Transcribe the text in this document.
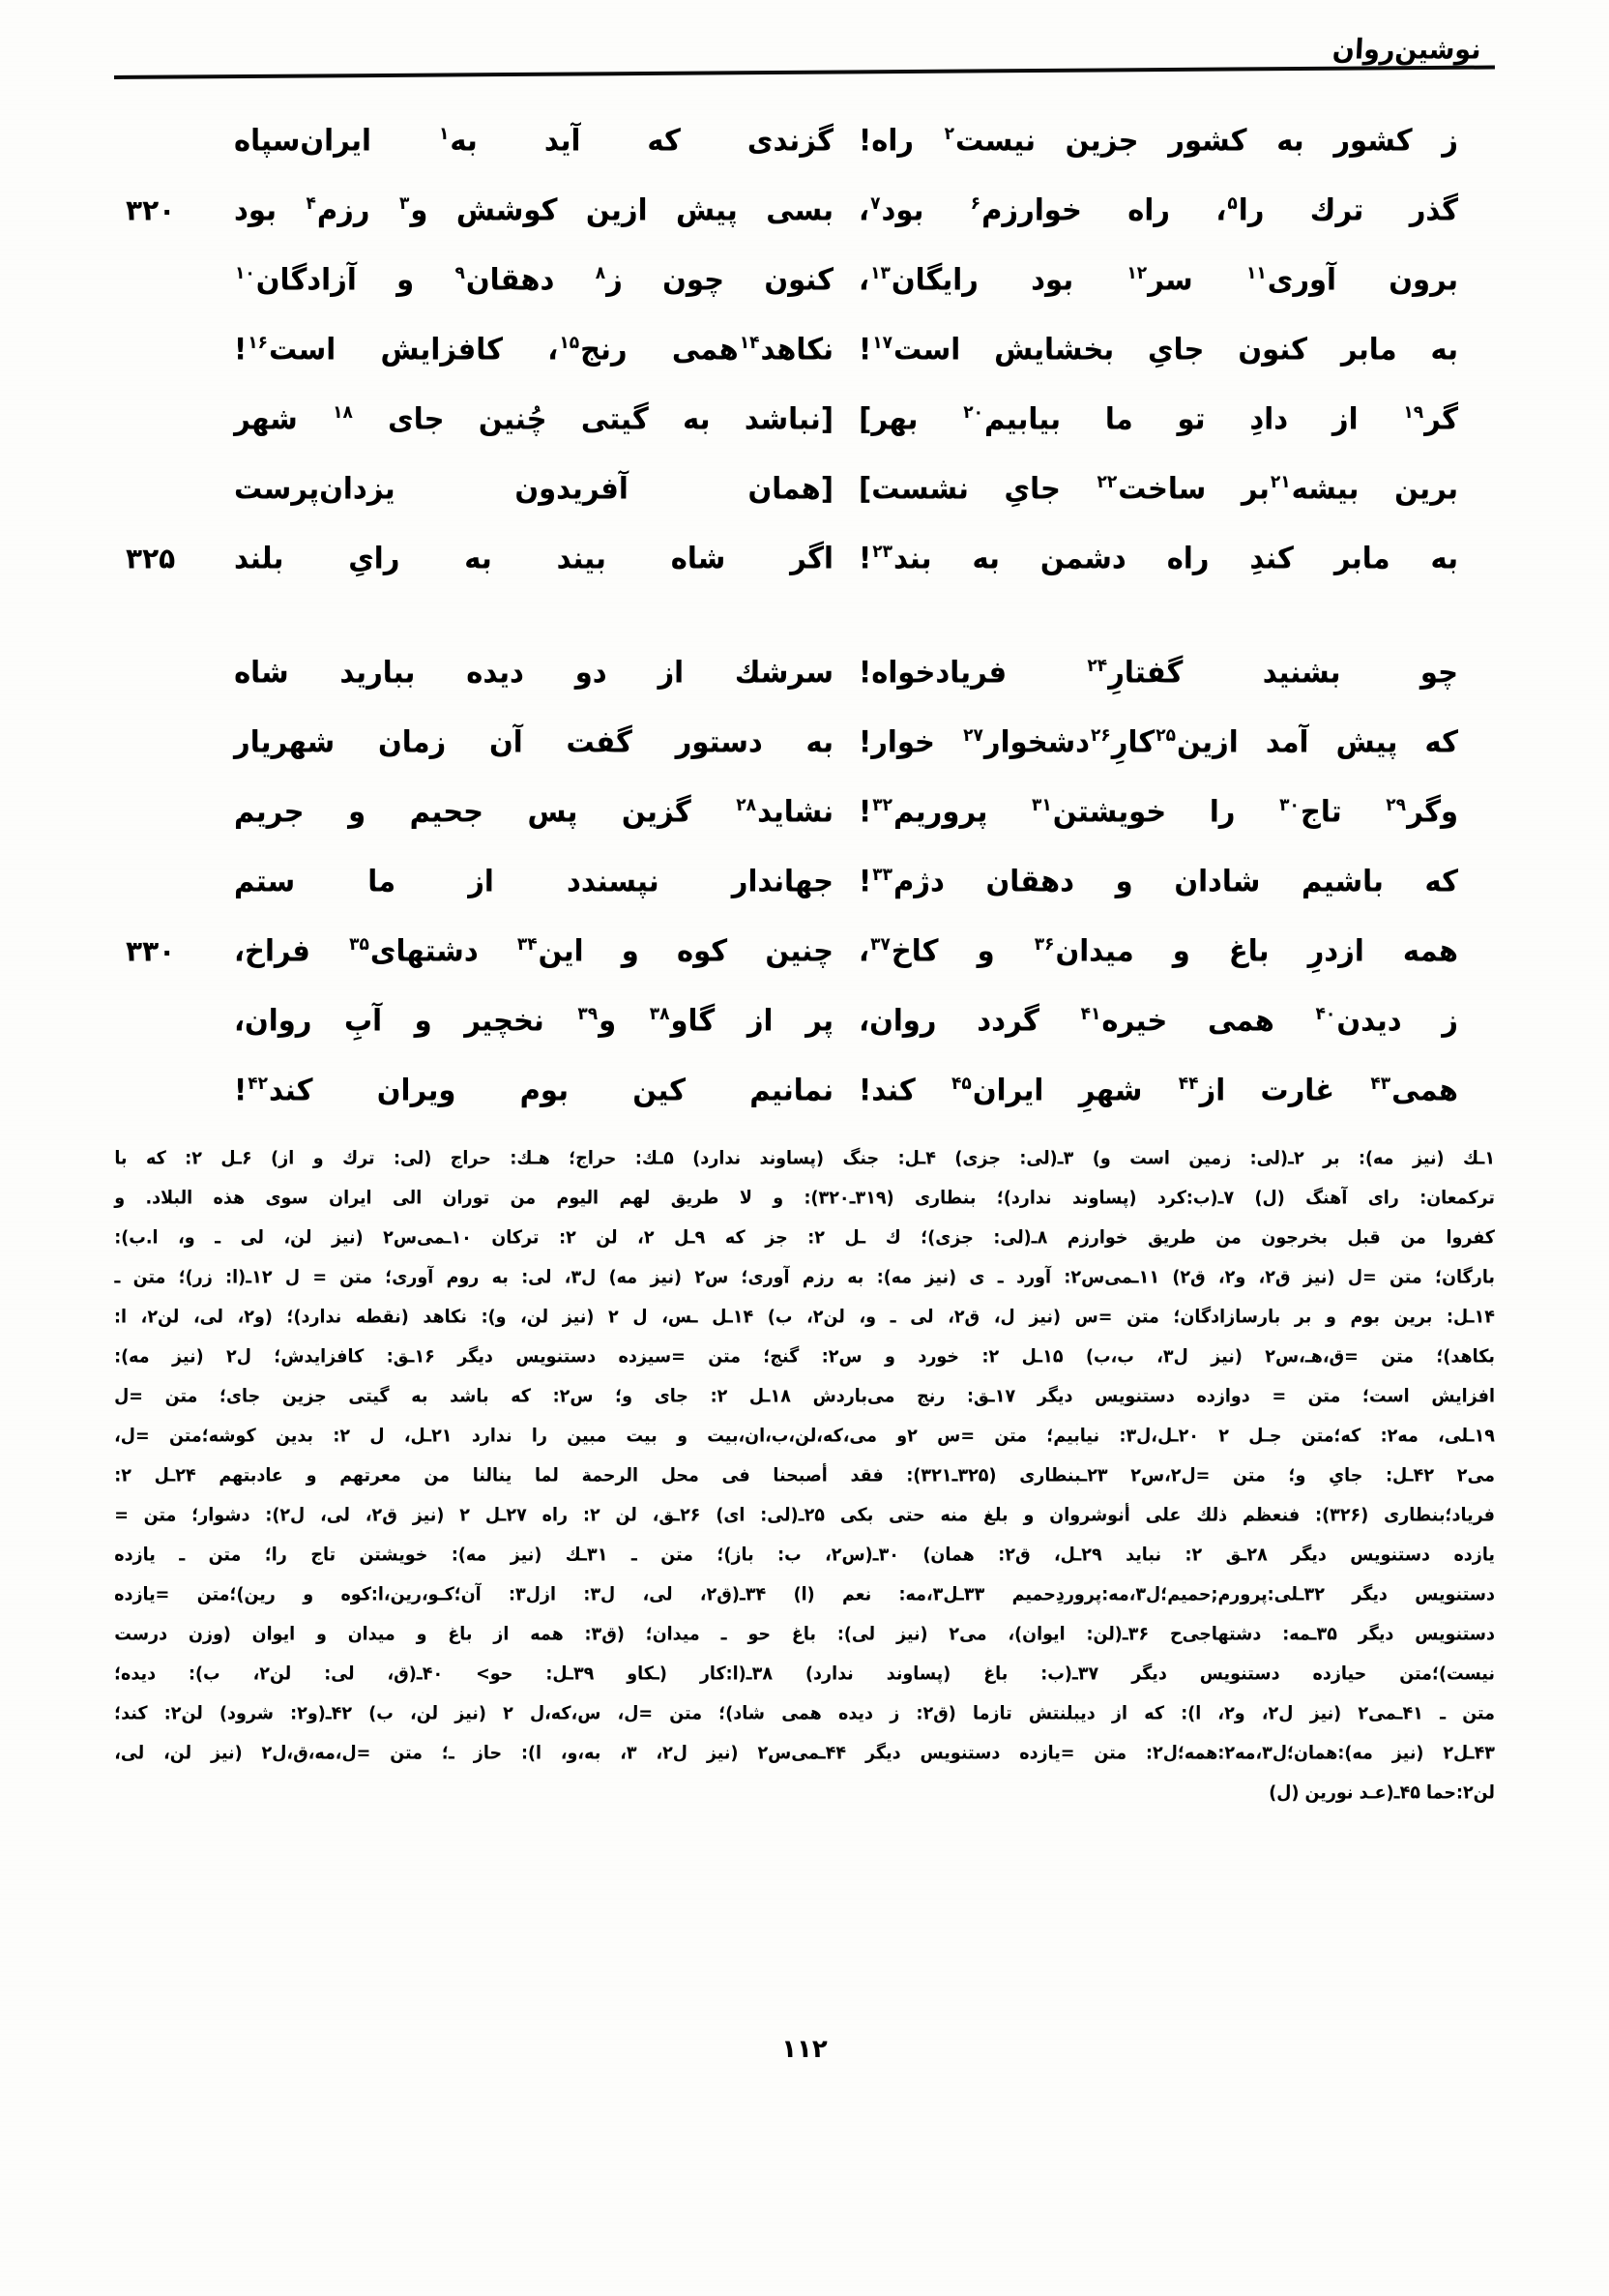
نوشين‌روان
ز
كشور
به
كشور
جزين
نيست$^٢$
راه!
گزندى
كه
آيد
به$^١$
ايران‌سپاه
گذر
ترك
را$^۵$،
راه
خوارزم$^۶$
بود$^٧$،
بسى
پيش
ازين
كوشش
و$^٣$
رزم$^۴$
بود
۳۲۰
برون
آورى$^{١١}$
سر$^{١٢}$
بود
رايگان$^{١٣}$،
كنون
چون
ز$^٨$
دهقان$^٩$
و
آزادگان$^{١٠}$
به
مابر
كنون
جاىِ
بخشايش
است$^{١٧}$!
نكاهد$^{١۴}$همى
رنج$^{١۵}$،
كافزايش
است$^{١۶}$!
گر$^{١٩}$
از
دادِ
تو
ما
بيابيم$^{٢٠}$
بهر]
[نباشد
به
گيتى
چُنين
جاى
$^{١٨}$
شهر
برين
بيشه$^{٢١}$بر
ساخت$^{٢٢}$
جاىِ
نشست]
[همان
آفريدون
يزدان‌پرست
به
مابر
كندِ
راه
دشمن
به
بند$^{٢٣}$!
اگر
شاه
بيند
به
راىِ
بلند
۳۲۵
چو
بشنيد
گفتارِ$^{٢۴}$
فريادخواه!
سرشك
از
دو
ديده
بباريد
شاه
كه
پيش
آمد
ازين$^{٢۵}$كارِ$^{٢۶}$دشخوار$^{٢٧}$
خوار!
به
دستور
گفت
آن
زمان
شهريار
وگر$^{٢٩}$
تاج$^{٣٠}$
را
خويشتن$^{٣١}$
پروريم$^{٣٢}$!
نشايد$^{٢٨}$
گزين
پس
جحيم
و
جريم
كه
باشيم
شادان
و
دهقان
دژم$^{٣٣}$!
جهاندار
نپسندد
از
ما
ستم
همه
ازدرِ
باغ
و
ميدان$^{٣۶}$
و
كاخ$^{٣٧}$،
چنين
كوه
و
اين$^{٣۴}$
دشتهاى$^{٣۵}$
فراخ،
۳۳۰
ز
ديدن$^{۴٠}$
همى
خيره$^{۴١}$
گردد
روان،
پر
از
گاو$^{٣٨}$
و$^{٣٩}$
نخچير
و
آبِ
روان،
همى$^{۴٣}$
غارت
از$^{۴۴}$
شهرِ
ايران$^{۴۵}$
كند!
نمانيم
كين
بوم
ويران
كند$^{۴٢}$!
١ـك
(نيز
مه):
بر
٢ـ(لى:
زمين
است
و)
٣ـ(لى:
جزى)
۴ـل:
جنگ
(پساوند
ندارد)
۵ـك:
حراج؛
هـك:
حراج
(لى:
ترك
و
از)
۶ـل
٢:
كه
با
تركمعان:
راى
آهنگ
(ل)
٧ـ(ب:كرد
(پساوند
ندارد)؛
بنطارى
(٣١٩ـ٣٢٠):
و
لا
طريق
لهم
اليوم
من
توران
الى
ايران
سوى
هذه
البلاد.
و
كفروا
من
قبل
بخرجون
من
طريق
خوارزم
٨ـ(لى:
جزى)؛
ك
ـل
٢:
جز
كه
٩ـل
٢،
لن
٢:
تركان
١٠ـمى‌س٢
(نيز
لن،
لى
ـ
و،
ا.ب):
بارگان؛
متن
=ل
(نيز
ق٢،
و٢،
ق٢)
١١ـمى‌س٢:
آورد
ـ
ى
(نيز
مه):
به
رزم
آورى؛
س٢
(نيز
مه)
ل٣،
لى:
به
روم
آورى؛
متن
=
ل
١٢ـ(ا:
زر)؛
متن
ـ
١۴ـل:
برين
بوم
و
بر
بارسازادگان؛
متن
=س
(نيز
ل،
ق٢،
لى
ـ
و،
لن٢،
ب)
١۴ـل
ـس،
ل
٢
(نيز
لن،
و):
نكاهد
(نقطه
ندارد)؛
(و٢،
لى،
لن٢،
ا:
بكاهد)؛
متن
=ق،هـ،س٢
(نيز
ل٣،
ب،ب)
١۵ـل
٢:
خورد
و
س٢:
گنج؛
متن
=سيزده
دستنويس
ديگر
١۶ـق:
كافزايدش؛
ل٢
(نيز
مه):
افزايش
است؛
متن
=
دوازده
دستنويس
ديگر
١٧ـق:
رنج
مى‌باردش
١٨ـل
٢:
جاى
و؛
س٢:
كه
باشد
به
گيتى
جزين
جاى؛
متن
=ل
١٩ـلى،
مه٢:
كه؛متن
جـل
٢
٢٠ـل،ل٣:
نيابيم؛
متن
=س
٢و
مى،كه،لن،ب،ان،بيت
و
بيت
مبين
را
ندارد
٢١ـل،
ل
٢:
بدين
كوشه؛متن
=ل،
مى٢
۴٢ـل:
جاىِ
و؛
متن
=ل٢،س٢
٢٣ـبنطارى
(٣٢۵ـ٣٢١):
فقد
أصبحنا
فى
محل
الرحمة
لما
ينالنا
من
معرتهم
و
عادبتهم
٢۴ـل
٢:
فرياد؛بنطارى
(٣٢۶):
فنعظم
ذلك
على
أنوشروان
و
بلغ
منه
حتى
بكى
٢۵ـ(لى:
اى)
٢۶ـق،
لن
٢:
راه
٢٧ـل
٢
(نيز
ق٢،
لى،
ل٢):
دشوار؛
متن
=
يازده
دستنويس
ديگر
٢٨ـق
٢:
نبايد
٢٩ـل،
ق٢:
همان)
٣٠ـ(س٢،
ب:
باز)؛
متن
ـ
٣١ـك
(نيز
مه):
خويشتن
تاج
را؛
متن
ـ
يازده
دستنويس
ديگر
٣٢ـلى:پرورم;حميم؛ل٣،مه:پروردِحميم
٣٣ـل٣،مه:
نعم
(ا)
٣۴ـ(ق٢،
لى،
ل٣:
ازل٣:
آن؛كـو،رين،ا:كوه
و
رين)؛متن
=يازده
دستنويس
ديگر
٣۵ـمه:
دشتهاجى‌ح
٣۶ـ(لن:
ايوان)،
مى٢
(نيز
لى):
باغ
حو
ـ
ميدان؛
(ق٣:
همه
از
باغ
و
ميدان
و
ايوان
(وزن
درست
نيست)؛متن
حيازده
دستنويس
ديگر
٣٧ـ(ب:
باغ
(پساوند
ندارد)
٣٨ـ(ا:كار
(ـكاو
٣٩ـل:
حو>
۴٠ـ(ق،
لى:
لن٢،
ب):
ديده؛
متن
ـ
۴١ـمى٢
(نيز
ل٢،
و٢،
ا):
كه
از
ديبلنتش
تازما
(ق٢:
ز
ديده
همى
شاد)؛
متن
=ل،
س،كه،ل
٢
(نيز
لن،
ب)
۴٢ـ(و٢:
شرود)
لن٢:
كند؛
۴٣ـل٢
(نيز
مه):همان؛ل٣،مه٢:همه؛ل٢:
متن
=يازده
دستنويس
ديگر
۴۴ـمى‌س٢
(نيز
ل٢،
٣،
به،و،
ا):
حاز
ـ؛
متن
=ل،مه،ق،ل٢
(نيز
لن،
لى،
لن٢:حما ۴۵ـ(عـد نورين (ل)
۱۱۲
